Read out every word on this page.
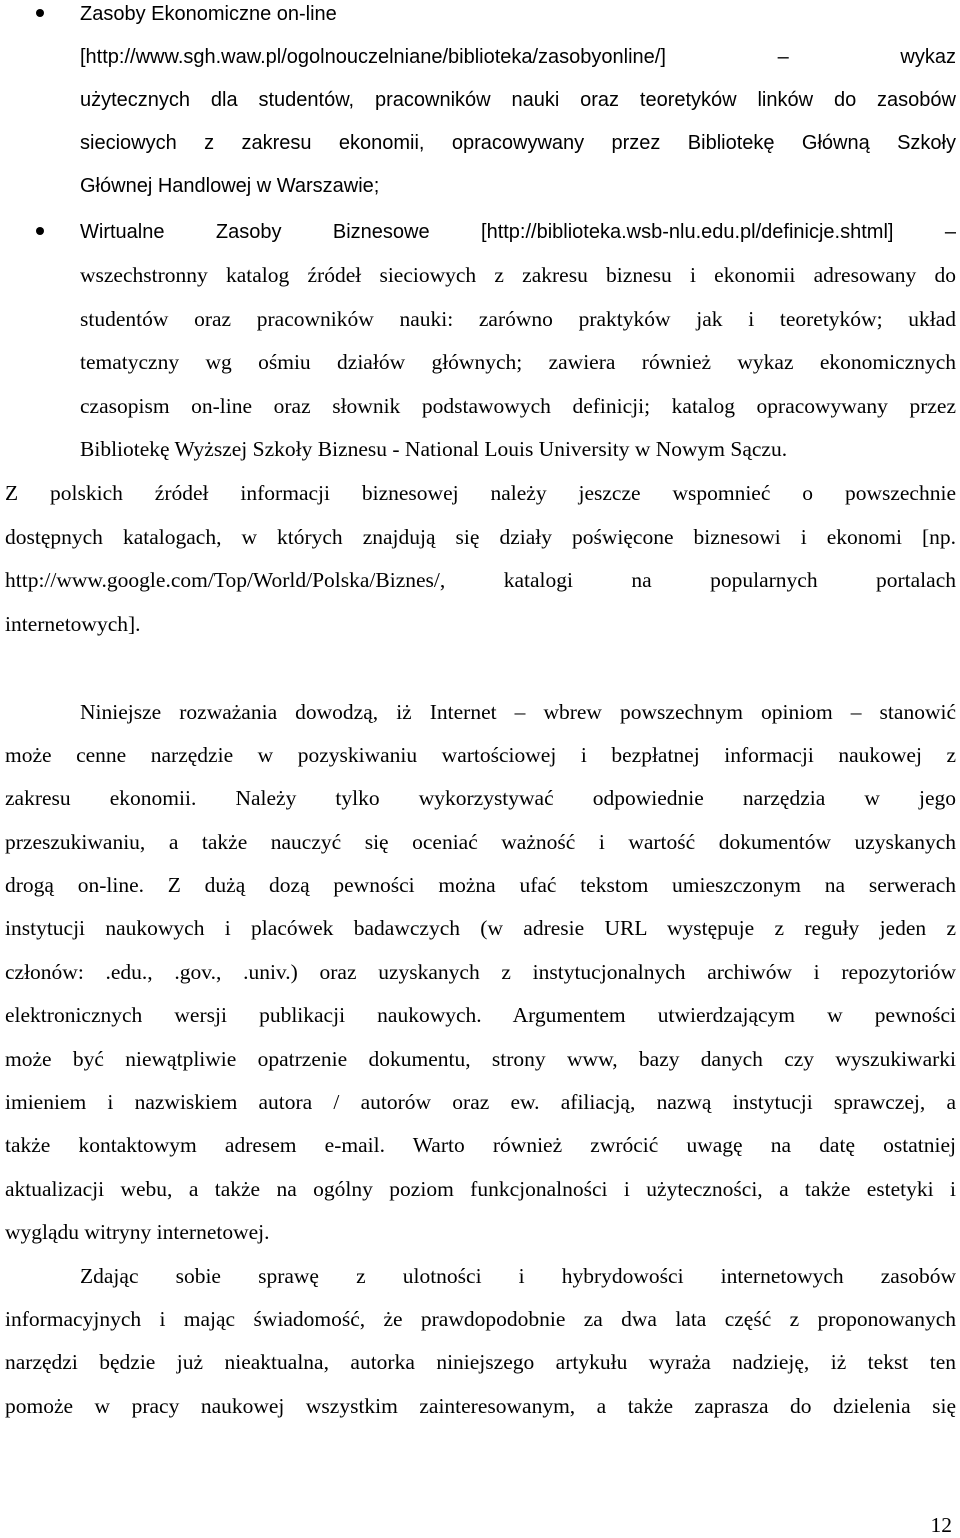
Zasoby Ekonomiczne on-line
[http://www.sgh.waw.pl/ogolnouczelniane/biblioteka/zasobyonline/] – wykaz
użytecznych dla studentów, pracowników nauki oraz teoretyków linków do zasobów
sieciowych z zakresu ekonomii, opracowywany przez Bibliotekę Główną Szkoły
Głównej Handlowej w Warszawie;
Wirtualne Zasoby Biznesowe [http://biblioteka.wsb-nlu.edu.pl/definicje.shtml] –
wszechstronny katalog źródeł sieciowych z zakresu biznesu i ekonomii adresowany do
studentów oraz pracowników nauki: zarówno praktyków jak i teoretyków; układ
tematyczny wg ośmiu działów głównych; zawiera również wykaz ekonomicznych
czasopism on-line oraz słownik podstawowych definicji; katalog opracowywany przez
Bibliotekę Wyższej Szkoły Biznesu - National Louis University w Nowym Sączu.
Z polskich źródeł informacji biznesowej należy jeszcze wspomnieć o powszechnie
dostępnych katalogach, w których znajdują się działy poświęcone biznesowi i ekonomi [np.
http://www.google.com/Top/World/Polska/Biznes/, katalogi na popularnych portalach
internetowych].
Niniejsze rozważania dowodzą, iż Internet – wbrew powszechnym opiniom – stanowić
może cenne narzędzie w pozyskiwaniu wartościowej i bezpłatnej informacji naukowej z
zakresu ekonomii. Należy tylko wykorzystywać odpowiednie narzędzia w jego
przeszukiwaniu, a także nauczyć się oceniać ważność i wartość dokumentów uzyskanych
drogą on-line. Z dużą dozą pewności można ufać tekstom umieszczonym na serwerach
instytucji naukowych i placówek badawczych (w adresie URL występuje z reguły jeden z
członów: .edu., .gov., .univ.) oraz uzyskanych z instytucjonalnych archiwów i repozytoriów
elektronicznych wersji publikacji naukowych. Argumentem utwierdzającym w pewności
może być niewątpliwie opatrzenie dokumentu, strony www, bazy danych czy wyszukiwarki
imieniem i nazwiskiem autora / autorów oraz ew. afiliacją, nazwą instytucji sprawczej, a
także kontaktowym adresem e-mail. Warto również zwrócić uwagę na datę ostatniej
aktualizacji webu, a także na ogólny poziom funkcjonalności i użyteczności, a także estetyki i
wyglądu witryny internetowej.
Zdając sobie sprawę z ulotności i hybrydowości internetowych zasobów
informacyjnych i mając świadomość, że prawdopodobnie za dwa lata część z proponowanych
narzędzi będzie już nieaktualna, autorka niniejszego artykułu wyraża nadzieję, iż tekst ten
pomoże w pracy naukowej wszystkim zainteresowanym, a także zaprasza do dzielenia się
12
